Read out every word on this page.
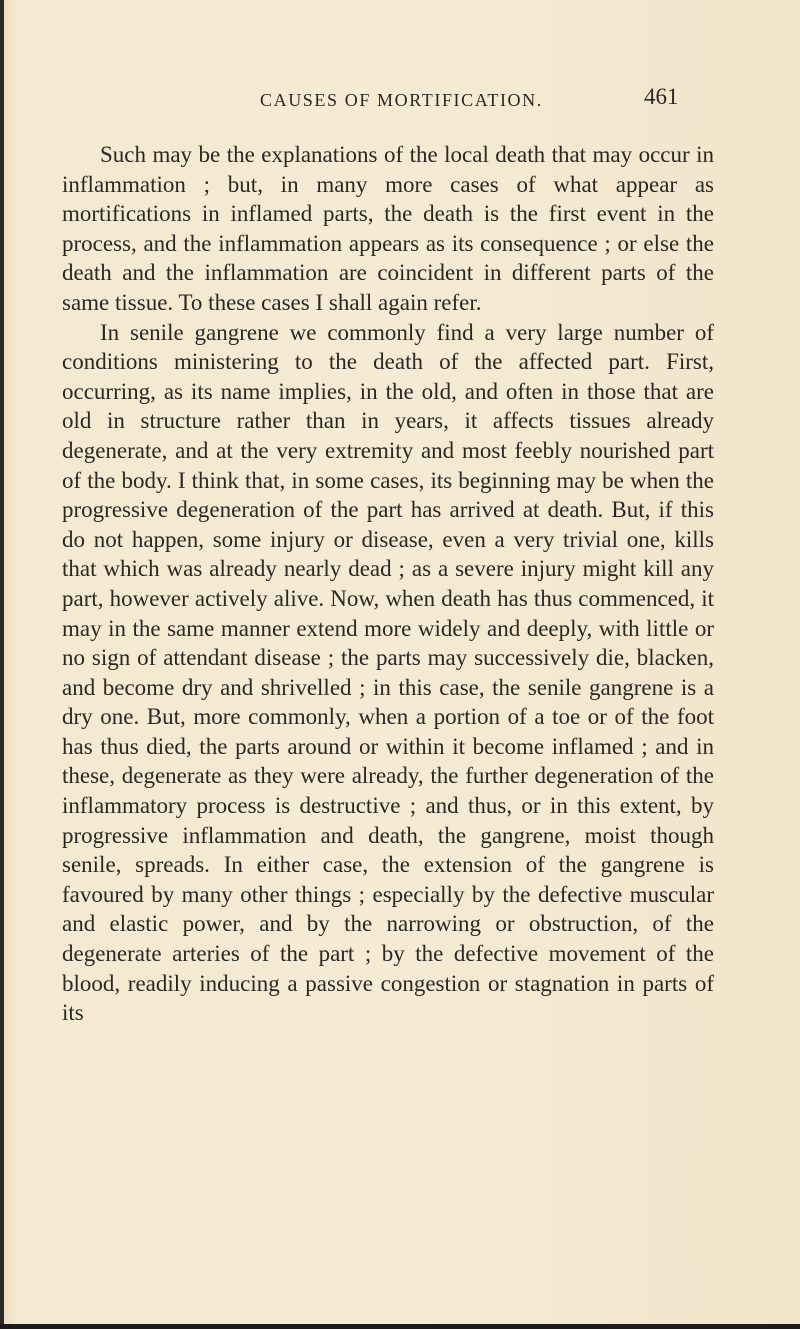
CAUSES OF MORTIFICATION.	461

Such may be the explanations of the local death that may occur in inflammation ; but, in many more cases of what appear as mortifications in inflamed parts, the death is the first event in the process, and the inflammation appears as its consequence ; or else the death and the inflammation are coincident in different parts of the same tissue. To these cases I shall again refer.

In senile gangrene we commonly find a very large number of conditions ministering to the death of the affected part. First, occurring, as its name implies, in the old, and often in those that are old in structure rather than in years, it affects tissues already degenerate, and at the very extremity and most feebly nourished part of the body. I think that, in some cases, its beginning may be when the progressive degeneration of the part has arrived at death. But, if this do not happen, some injury or disease, even a very trivial one, kills that which was already nearly dead ; as a severe injury might kill any part, however actively alive. Now, when death has thus commenced, it may in the same manner extend more widely and deeply, with little or no sign of attendant disease ; the parts may successively die, blacken, and become dry and shrivelled ; in this case, the senile gangrene is a dry one. But, more commonly, when a portion of a toe or of the foot has thus died, the parts around or within it become inflamed ; and in these, degenerate as they were already, the further degeneration of the inflammatory process is destructive ; and thus, or in this extent, by progressive inflammation and death, the gangrene, moist though senile, spreads. In either case, the extension of the gangrene is favoured by many other things ; especially by the defective muscular and elastic power, and by the narrowing or obstruction, of the degenerate arteries of the part ; by the defective movement of the blood, readily inducing a passive congestion or stagnation in parts of its
